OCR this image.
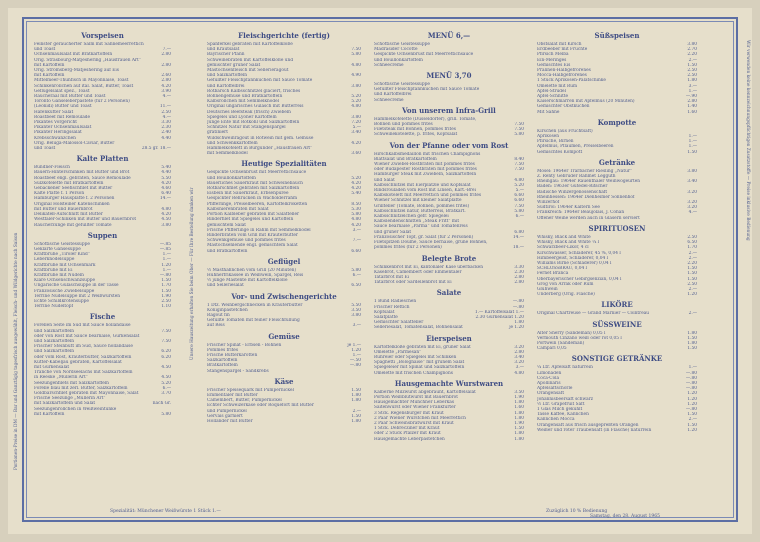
Portionen-Preise in DM — Bar und Ganztägig tagesfrisch ausgewählt, Fleisch- und Wildgerichte nach Saison
Wir verwenden keine kennzeichnungspflichtigen Zusatzstoffe — Preise inklusive Bedienung
Unsere Hauszeitung erhalten Sie beim Ober — Für Ihre Bestellung danken wir
Vorspeisen
Feinster geräucherter Salm mit Sahnemeerrettich
und Toast	7.—
Ochsenmaulsalat mit Bratkartoffeln	2.80
Orig. Strasbourg-Matjeshering „Hausfrauen Art“
mit Kartoffeln	2.80
Orig. Stromsberg-Matjeshering auf Eis
mit Kartoffeln	2.60
Mittelmeer-Thunfisch in Mayonnaise, Toast	2.80
Schinkenröllchen auf ital. Salat, Butter, Toast	4.20
Geflügelsalat spez., Toast	3.90
Räucheraal mit Butter und Toast	4.—
Toronto Gänseleberpastete (für 2 Personen)
(Leonidi) Butter und Toast	11.—
Hafenkutter Salat	2.50
Roastbeef mit Remoulade	4.—
Pikantes Vorgericht	3.30
Pikanter Ochsenmaulsalat	2.30
Pikanter Heringssalat	2.40
Krebsschwänzchen	4.40
Orig. Beluga-Malossol-Caviar, Butter
und Toast	28.5 gr. 18.—
Kalte Platten
Bündner-Fleisch	5.40
Bauern-Hinterschinken mit Butter und Brot	4.40
Roastbeef engl. gebraten, Sauce Remoulade	5.50
Sülzkotelette mit Bratkartoffeln	4.20
Gebackener Seefischfilet mit Butter	4.60
Kalte Platte f. 1 Person	6.40
Hamburger Hausplatte f. 2 Personen	14.—
Original Holsteiner Katenschinken
mit Butter und Bauernbrot	4.80
Delikateß-Aufschnitt mit Butter	4.20
Westfäler-Schinken mit Butter und Bauernbrot	4.50
Räucherzunge mit gefüllter Tomate	3.80
Suppen
Schottische Geistessuppe	—.85
Geklärte Gänsesuppe	—.85
Kraftbrühe „Tiroler Kind“	1.—
Leberknödelsuppe	1.—
Kraftbrühe mit Ochsenmark	1.20
Kraftbrühe mit Ei	1.—
Kraftbrühe mit Nudeln	—.80
Klare Ochsenschwanzsuppe	1.50
Ungarische Gulaschsuppe in der Tasse	1.70
Französische Zwiebelsuppe	1.50
Terrine Nudelsuppe mit 2 Weißwürsten	1.90
Echte Schildkrötensuppe	2.50
Terrine Nudeltopf	1.10
Fische
Forellen Seite im Sud mit Sauce hollandaise
und Salzkartoffeln	7.50
oder von Rost mit Sauce bearnaise, Gurkensalat
und Salzkartoffeln	7.50
Frischer Steinbutt im Sud, Sauce hollandaise
und Salzkartoffeln	6.20
oder vom Rost, Kräuterbutter, Salzkartoffeln	6.20
Kutter-Kabeljau gebraten, Kartoffelsalat
mit Gurkensalat	4.50
Tranche von Nordseelachs mit Salzkartoffeln
in Reeske „Müllerin Art“	4.50
Seezungenfilets mit Salzkartoffeln	5.20
Forelle blau mit zerl. Butter, Salzkartoffeln	6.—
Goldbarschfilet gebraten mit Mayonnaise, Salat	3.70
Frische Seezunge „Müllerin Art“
mit Salzkartoffeln und Salat	nach Gr.
Seezungenröllchen in Weißweintunke
mit Kartoffeln	5.80
Fleischgerichte (fertig)
Spanferkel gebraten mit Kartoffelklöße
und Krautsalat	7.50
Bayrischer Pfann	5.80
Schweinebraten mit Kartoffelklöße und
gemischter grüner Salat	4.80
Mastochsenfleisch mit Sellerieragout
und Salzkartoffeln	4.90
Gefüllter Fleischpfannkuchen mit Sauce Tomate
und Kartoffelbrei	3.80
Rotbarsch Kalbsschnitzel glaciert, frisches
Bohnengemüse und Bratkartoffeln	5.20
Kalbsröllchen mit Semmelknödel	5.20
Original ungarisches Gulasch mit Butterreis	4.80
Deutsches Beefsteak (frisch) Zwiebeln
Spiegelei und Lyoner Kartoffeln	3.80
Junge Ente mit Rotkohl und Salzkartoffeln	7.20
Schnitzel Natur mit Stangenspargel	5.—
gratiniert	3.40
Wildschweinragout in Rotwein mit gem. Gemüse
und Schwenkkartoffeln	4.20
Hammelkotelett in Burgunder „Hausfrauen Art“
mit Semmelknödel	3.60
Heutige Spezialitäten
Gespickte Ochsenbrust mit Meerrettichsauce
und Bouillonkartoffeln	5.20
Bäuerliches Sauerkraut mit Schweinebauch	4.20
Rotbarschfilet gebraten mit Salzkartoffeln	4.20
Eisbein mit Sauerkraut, Erbsenpüree	5.40
Gespickter Rehrücken in Wacholderrahm
Pfifferlinge, Preiselbeeren, Kartoffelkroketten	8.50
Kalbsnierenbraten mit Salat	5.30
Portion Kalbleber gebraten mit Salatteller	5.80
Rinderfilet mit Spiegelei und Kartoffeln	4.80
gemischtem Salat	4.20
Frische Pfifferlinge in Rahm mit Semmelknödel	3.—
Rinderbraten vom Grill mit Kräuterbutter
Schwenkgemüse und pommes frites	7.—
Mastochsenlende engl. gemischtem Salat
und Bratkartoffeln	6.60
Geflügel
½ Masthähnchen vom Grill (20 Minuten)	5.80
Hühnerfrikassee in Weißwein, Spargel, Reis	6.—
½ junge Mastente mit Kartoffelklöße
und Selleriesalat	6.50
Vor- und Zwischengerichte
1 Dtz. Weinbergschnecken in Kräuterbutter	5.50
Königinpastetchen	3.50
Ragout fin	3.80
Gefüllte Tomaten mit feiner Fleischfüllung
auf Reis	3.—
Gemüse
Frischer Spinat - Erbsen - Bohnen	je 1.—
Pommes frites	1.20
Frische Butterkarotten	1.—
Salzkartoffeln	—.50
Bratkartoffeln	—.80
Stangenspargel - Sandkrebs
Käse
Frischer Speisequark mit Pumpernickel	1.50
Emmentaler mit Butter	1.80
Camembert, Butter, Pumpernickel	1.80
Echter Schweizerkäse oder Roquefort mit Butter
und Pumpernickel	2.—
Gervais garniert	1.50
Holländer mit Butter	1.80
MENÜ 6,—
Schottische Geistessuppe
Madrasider Cocotte
Gespickte Ochsenbrust mit Meerrettichsauce
und Bouillonkartoffeln
Schneecreme
MENÜ 3,70
Schottische Geistessuppe
Gefüllter Fleischpfannkuchen mit Sauce Tomate
und Kartoffelbrei
Schneecreme
Von unserem Infra-Grill
Hammelkotelette (Düsseldorfer), grill. Tomate,
Bohnen und pommes frites	7.50
Filetsteak mit Bohnen, pommes frites	7.50
Schweinekotelette, p. frites, Kopfsalat	5.80
Von der Pfanne oder vom Rost
Hirschkalbsmedaillon mit frischen Champignons
Blattsalat und Bratkartoffeln	8.40
Wiener Zwiebel-Rostbraten mit pommes frites	7.50
oder Budapester Rostbraten mit pommes frites	7.50
Hamburger Steak mit Zwiebeln, Salzkartoffeln
und Salat	4.80
Kalbsschnitzel mit Eierplätzle und Kopfsalat	5.20
Rindsrouladen vom Rost mit Linsen, Kart.-Brei	5.—
Kalbskotelett mit Meerrettich und pommes frites	6.60
Wiener Schnitzel mit kleiner Salatplatte	6.60
Grillteller (Tomate, Bohnen, pommes frites)	7.50
Kalbsschnitzel natur, Butterreis, Bratkart.	5.80
Kalbsschnitzelchen gefr. Spiegelei	6.—
Kalbslendenschnitten „Steak Fritt“ mit
Sauce bearnaise „Parma“ und Tomatenreis
und grüner Salat	6.80
Französischer Topf, gr. Salat (für 2 Personen)	14.—
Filetspitzen Doulhe, Sauce bernaise, grüne Bohnen,
pommes frites (für 2 Personen)	18.—
Belegte Brote
Schinkenbrot mit Ei, kantonaler Käse überbacken	3.30
Käsebrot, Camembert oder Emmentaler	2.30
Tatarbrot mit Ei	2.80
Tatarbrot oder Sardellenbrot mit Ei	2.80
Salate
1 Bund Radieschen	—.80
Frischer Rettich	—.80
Kopfsalat	1.— Kartoffelsalat 1.—
Salatplatte	2.30 Gurkensalat 1.20
Gemischter Salatteller	1.80
Selleriesalat, Tomatensalat, Bohnensalat	je 1.20
Eierspeisen
Kartoffelklöße gebraten mit Ei, grüner Salat	3.20
Omelette „Parmesan“	2.80
Rühreier oder Spiegelei mit Schinken	3.40
Spaghetti „Bolognaise“ mit grünem Salat	3.20
Spiegeleier mit Spinat und Salzkartoffeln	3.—
Omelette mit frischen Champignons	4.80
Hausgemachte Wurstwaren
Kälberne Milzwurst abgebräunt, Kartoffelsalat	3.50
Portion Weißblutwurst mit Bauernbrot	1.90
Hausgemachter Münchner Leberkäs	1.80
Saitenwürst oder Wiener Frankfurter	1.60
3 Stck. Regensburger mit Kraut	1.80
2 Paar Wiener Würstchen mit Meerrettich	1.80
2 Paar Schweinsbratwurst mit Kraut	1.90
1 Stck. Debrecziner mit Kraut	1.50
oder 2 Stück Pfälzer mit Kraut	1.80
Hausgemachte Leberpastetchen	1.80
Süßspeisen
Obstsalat mit Kirsch	3.80
Erdbeeber mit Früchte	2.70
Pfirsich Melba	2.20
Ein-Meringes	2.—
Gemischtes Eis	1.50
Pralinen-Halbgefrorenes	2.50
Mocca-Halbgefrorenes	2.50
1 Stück Aprikosen-Palatschinke	1.80
Omelette mit Rum	3.—
Apfel-Strudel	1.—
Apfel-Schnitte	—.90
Kaiserschmarren mit Apfelmus (20 Minuten)	2.80
Gemischter Obstkuchen	1.40
Mit Sahne	1.60
Kompotte
Kirschen (aus Fruchtsaft)
Aprikosen	1.—
Pfirsiche, Birnen	1.—
Apfelmus, Pflaumen, Preiselbeeren	1.—
Gemischtes Kompott	1.50
Getränke
Mosel: 1964er Trarbacher Riesling „Natur“	3.80
Z. Renty Gebrüder Rahmet Legguth
Rheingau: 1964er Rauenthaler Weinwogeurten	3.40
Baden: 1963er Gutedel-Ritscher
Badische Winzergenossenschaft	3.20
Rheinhessen: 1964er Dienheimer Sonnenhof
Winzerhof	3.20
Südtirol: 1964er Kaltern See	3.20
Frankreich: 1964er Beaujolais, J. Cohan	4.—
Offener Weine werden auch in Gläsern serviert
SPIRITUOSEN
Whisky, Black and White	2.50
Whisky, Black and White ¼ l	6.50
Schwarzbeer-Likör, 4 cl	1.70
Kirschwasser, Schladerer, 45 %, 0,04 l	2.—
Himbeergeist, Schladerer, 0,04 l	2.—
Williams Birne (Schladerer) 0,04 l	2.20
SCHLOSSBRAU, 0,04 l	1.50
Fernet Branca	1.50
Oberbayerischer Gebirgsenzian, 0,04 l	1.50
Grog von Arrak oder Rum	2.50
Glühwein	2.—
Underberg (Orig. Flasche)	1.20
LIKÖRE
Original Chartreuse — Grand Marnier — Cointreau	2.—
SÜSSWEINE
Alter Sherry (Sandeman) 0,05 l	1.80
Vermouth Cinzano weiß oder rot 0,05 l	1.50
Portwein (Sandeman)	1.80
Campari 0,05	1.50
SONSTIGE GETRÄNKE
¼ Ltr. Apfelsaft naturrein	1.—
Limonaden	—.80
Coca-Cola	—.80
Apollinaris	—.80
Apfelsaftschorle	—.80
Orangensaft	1.20
Johannisbeersaft schwarz	1.20
½ Ltr. Grapefruit Saft	1.20
1 Glas Milch gekühlt	—.80
Tasse Kaffee, Kännchen	1.50
Kännchen Mocca	2.—
Orangensaft aus frisch ausgepreßten Orangen	1.50
Weißer und roter Traubensaft (in Flasche) naturrein	1.20
Spezialität: Münchener Weißwürste 1 Stück 1.—	Zuzüglich 10 % Bedienung
Samstag, den 28. August 1965
